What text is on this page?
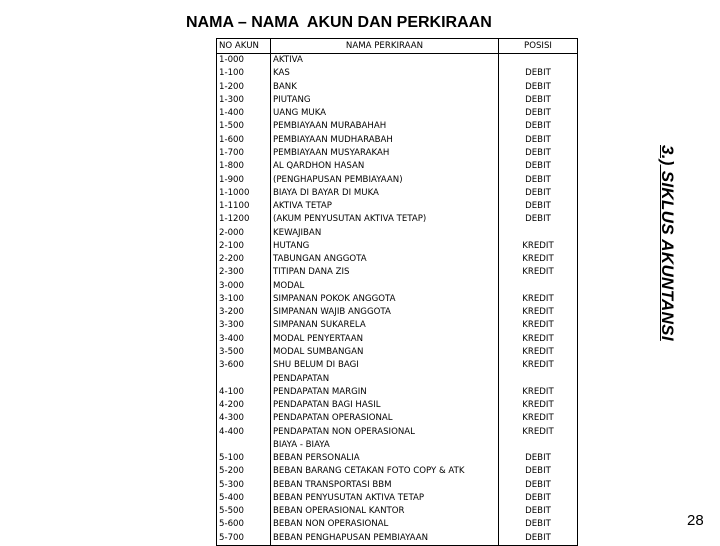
NAMA – NAMA  AKUN DAN PERKIRAAN
NO AKUN	NAMA PERKIRAAN	POSISI
1-000	AKTIVA	
1-100	KAS	DEBIT
1-200	BANK	DEBIT
1-300	PIUTANG	DEBIT
1-400	UANG MUKA	DEBIT
1-500	PEMBIAYAAN MURABAHAH	DEBIT
1-600	PEMBIAYAAN MUDHARABAH	DEBIT
1-700	PEMBIAYAAN MUSYARAKAH	DEBIT
1-800	AL QARDHON HASAN	DEBIT
1-900	(PENGHAPUSAN PEMBIAYAAN)	DEBIT
1-1000	BIAYA DI BAYAR DI MUKA	DEBIT
1-1100	AKTIVA TETAP	DEBIT
1-1200	(AKUM PENYUSUTAN AKTIVA TETAP)	DEBIT
2-000	KEWAJIBAN	
2-100	HUTANG	KREDIT
2-200	TABUNGAN ANGGOTA	KREDIT
2-300	TITIPAN DANA ZIS	KREDIT
3-000	MODAL	
3-100	SIMPANAN POKOK ANGGOTA	KREDIT
3-200	SIMPANAN WAJIB ANGGOTA	KREDIT
3-300	SIMPANAN SUKARELA	KREDIT
3-400	MODAL PENYERTAAN	KREDIT
3-500	MODAL SUMBANGAN	KREDIT
3-600	SHU BELUM DI BAGI	KREDIT
	PENDAPATAN	
4-100	PENDAPATAN MARGIN	KREDIT
4-200	PENDAPATAN BAGI HASIL	KREDIT
4-300	PENDAPATAN OPERASIONAL	KREDIT
4-400	PENDAPATAN NON OPERASIONAL	KREDIT
	BIAYA - BIAYA	
5-100	BEBAN PERSONALIA	DEBIT
5-200	BEBAN BARANG CETAKAN FOTO COPY & ATK	DEBIT
5-300	BEBAN TRANSPORTASI BBM	DEBIT
5-400	BEBAN PENYUSUTAN AKTIVA TETAP	DEBIT
5-500	BEBAN OPERASIONAL KANTOR	DEBIT
5-600	BEBAN NON OPERASIONAL	DEBIT
5-700	BEBAN PENGHAPUSAN PEMBIAYAAN	DEBIT
3.) SIKLUS AKUNTANSI
28
